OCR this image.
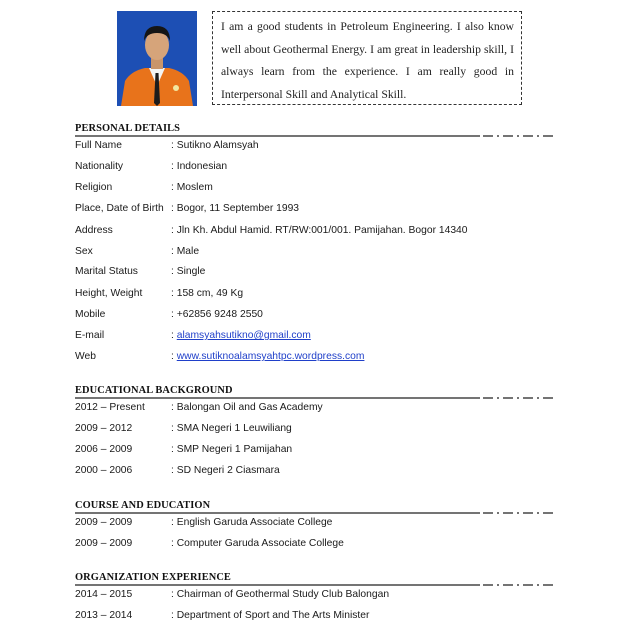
I am a good students in Petroleum Engineering. I also know well about Geothermal Energy. I am great in leadership skill, I always learn from the experience. I am really good in Interpersonal Skill and Analytical Skill.
PERSONAL DETAILS
Full Name	: Sutikno Alamsyah
Nationality	: Indonesian
Religion	: Moslem
Place, Date of Birth : Bogor, 11 September 1993
Address	: Jln Kh. Abdul Hamid. RT/RW:001/001. Pamijahan. Bogor 14340
Sex	: Male
Marital Status	: Single
Height, Weight	: 158 cm, 49 Kg
Mobile	: +62856 9248 2550
E-mail	: alamsyahsutikno@gmail.com
Web	: www.sutiknoalamsyahtpc.wordpress.com
EDUCATIONAL BACKGROUND
2012 – Present	: Balongan Oil and Gas Academy
2009 – 2012	: SMA Negeri 1 Leuwiliang
2006 – 2009	: SMP Negeri 1 Pamijahan
2000 – 2006	: SD Negeri 2 Ciasmara
COURSE AND EDUCATION
2009 – 2009	: English Garuda Associate College
2009 – 2009	: Computer Garuda Associate College
ORGANIZATION EXPERIENCE
2014 – 2015	: Chairman of Geothermal Study Club Balongan
2013 – 2014	: Department of Sport and The Arts Minister
